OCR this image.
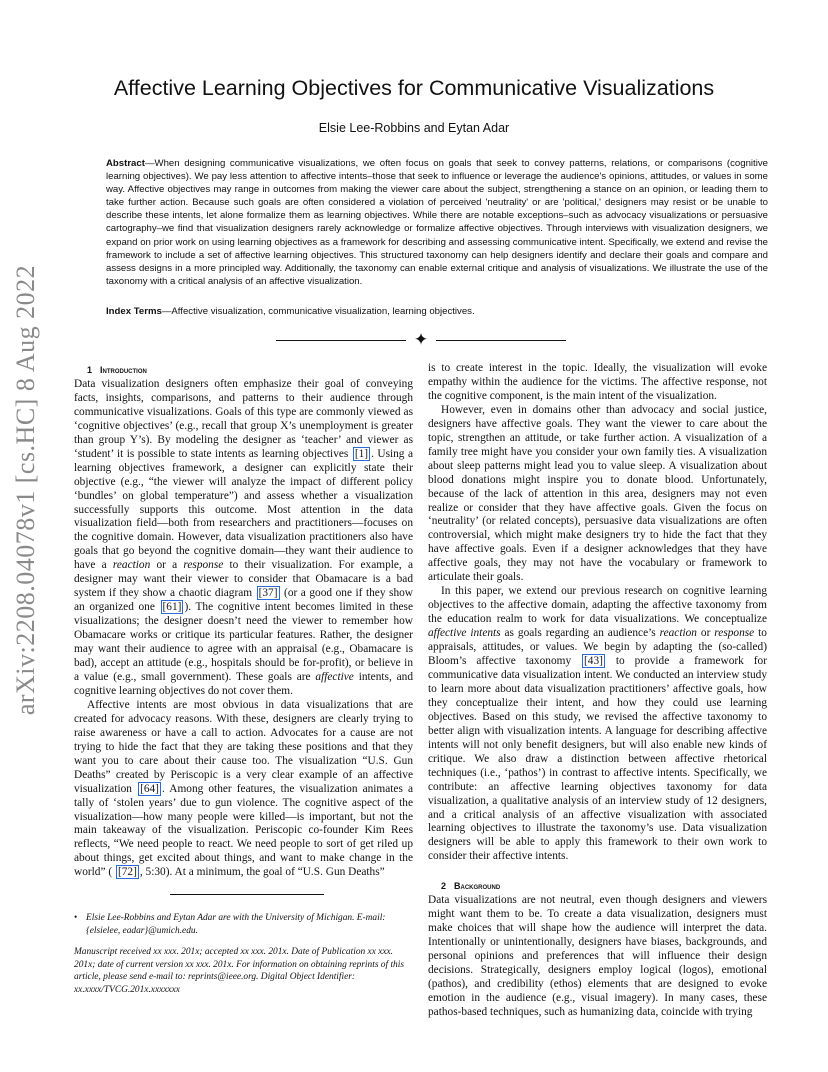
arXiv:2208.04078v1 [cs.HC] 8 Aug 2022
Affective Learning Objectives for Communicative Visualizations
Elsie Lee-Robbins and Eytan Adar

Abstract—When designing communicative visualizations, we often focus on goals that seek to convey patterns, relations, or comparisons (cognitive learning objectives). We pay less attention to affective intents–those that seek to influence or leverage the audience's opinions, attitudes, or values in some way. Affective objectives may range in outcomes from making the viewer care about the subject, strengthening a stance on an opinion, or leading them to take further action. Because such goals are often considered a violation of perceived 'neutrality' or are 'political,' designers may resist or be unable to describe these intents, let alone formalize them as learning objectives. While there are notable exceptions–such as advocacy visualizations or persuasive cartography–we find that visualization designers rarely acknowledge or formalize affective objectives. Through interviews with visualization designers, we expand on prior work on using learning objectives as a framework for describing and assessing communicative intent. Specifically, we extend and revise the framework to include a set of affective learning objectives. This structured taxonomy can help designers identify and declare their goals and compare and assess designs in a more principled way. Additionally, the taxonomy can enable external critique and analysis of visualizations. We illustrate the use of the taxonomy with a critical analysis of an affective visualization.

Index Terms—Affective visualization, communicative visualization, learning objectives.

✦

1 Introduction

Data visualization designers often emphasize their goal of conveying facts, insights, comparisons, and patterns to their audience through communicative visualizations. Goals of this type are commonly viewed as ‘cognitive objectives’ (e.g., recall that group X’s unemployment is greater than group Y’s). By modeling the designer as ‘teacher’ and viewer as ‘student’ it is possible to state intents as learning objectives [1] . Using a learning objectives framework, a designer can explicitly state their objective (e.g., “the viewer will analyze the impact of different policy ‘bundles’ on global temperature”) and assess whether a visualization successfully supports this outcome. Most attention in the data visualization field—both from researchers and practitioners—focuses on the cognitive domain. However, data visualization practitioners also have goals that go beyond the cognitive domain—they want their audience to have a reaction or a response to their visualization. For example, a designer may want their viewer to consider that Obamacare is a bad system if they show a chaotic diagram [37] (or a good one if they show an organized one [61] ). The cognitive intent becomes limited in these visualizations; the designer doesn’t need the viewer to remember how Obamacare works or critique its particular features. Rather, the designer may want their audience to agree with an appraisal (e.g., Obamacare is bad), accept an attitude (e.g., hospitals should be for-profit), or believe in a value (e.g., small government). These goals are affective intents, and cognitive learning objectives do not cover them.

Affective intents are most obvious in data visualizations that are created for advocacy reasons. With these, designers are clearly trying to raise awareness or have a call to action. Advocates for a cause are not trying to hide the fact that they are taking these positions and that they want you to care about their cause too. The visualization “U.S. Gun Deaths” created by Periscopic is a very clear example of an affective visualization [64] . Among other features, the visualization animates a tally of ‘stolen years’ due to gun violence. The cognitive aspect of the visualization—how many people were killed—is important, but not the main takeaway of the visualization. Periscopic co-founder Kim Rees reflects, “We need people to react. We need people to sort of get riled up about things, get excited about things, and want to make change in the world” ( [72] , 5:30). At a minimum, the goal of “U.S. Gun Deaths”

• Elsie Lee-Robbins and Eytan Adar are with the University of Michigan. E-mail: {elsielee, eadar}@umich.edu.

Manuscript received xx xxx. 201x; accepted xx xxx. 201x. Date of Publication xx xxx. 201x; date of current version xx xxx. 201x. For information on obtaining reprints of this article, please send e-mail to: reprints@ieee.org. Digital Object Identifier: xx.xxxx/TVCG.201x.xxxxxxx

is to create interest in the topic. Ideally, the visualization will evoke empathy within the audience for the victims. The affective response, not the cognitive component, is the main intent of the visualization.

However, even in domains other than advocacy and social justice, designers have affective goals. They want the viewer to care about the topic, strengthen an attitude, or take further action. A visualization of a family tree might have you consider your own family ties. A visualization about sleep patterns might lead you to value sleep. A visualization about blood donations might inspire you to donate blood. Unfortunately, because of the lack of attention in this area, designers may not even realize or consider that they have affective goals. Given the focus on ‘neutrality’ (or related concepts), persuasive data visualizations are often controversial, which might make designers try to hide the fact that they have affective goals. Even if a designer acknowledges that they have affective goals, they may not have the vocabulary or framework to articulate their goals.

In this paper, we extend our previous research on cognitive learning objectives to the affective domain, adapting the affective taxonomy from the education realm to work for data visualizations. We conceptualize affective intents as goals regarding an audience’s reaction or response to appraisals, attitudes, or values. We begin by adapting the (so-called) Bloom’s affective taxonomy [43] to provide a framework for communicative data visualization intent. We conducted an interview study to learn more about data visualization practitioners’ affective goals, how they conceptualize their intent, and how they could use learning objectives. Based on this study, we revised the affective taxonomy to better align with visualization intents. A language for describing affective intents will not only benefit designers, but will also enable new kinds of critique. We also draw a distinction between affective rhetorical techniques (i.e., ‘pathos’) in contrast to affective intents. Specifically, we contribute: an affective learning objectives taxonomy for data visualization, a qualitative analysis of an interview study of 12 designers, and a critical analysis of an affective visualization with associated learning objectives to illustrate the taxonomy’s use. Data visualization designers will be able to apply this framework to their own work to consider their affective intents.

2 Background

Data visualizations are not neutral, even though designers and viewers might want them to be. To create a data visualization, designers must make choices that will shape how the audience will interpret the data. Intentionally or unintentionally, designers have biases, backgrounds, and personal opinions and preferences that will influence their design decisions. Strategically, designers employ logical (logos), emotional (pathos), and credibility (ethos) elements that are designed to evoke emotion in the audience (e.g., visual imagery). In many cases, these pathos-based techniques, such as humanizing data, coincide with trying
